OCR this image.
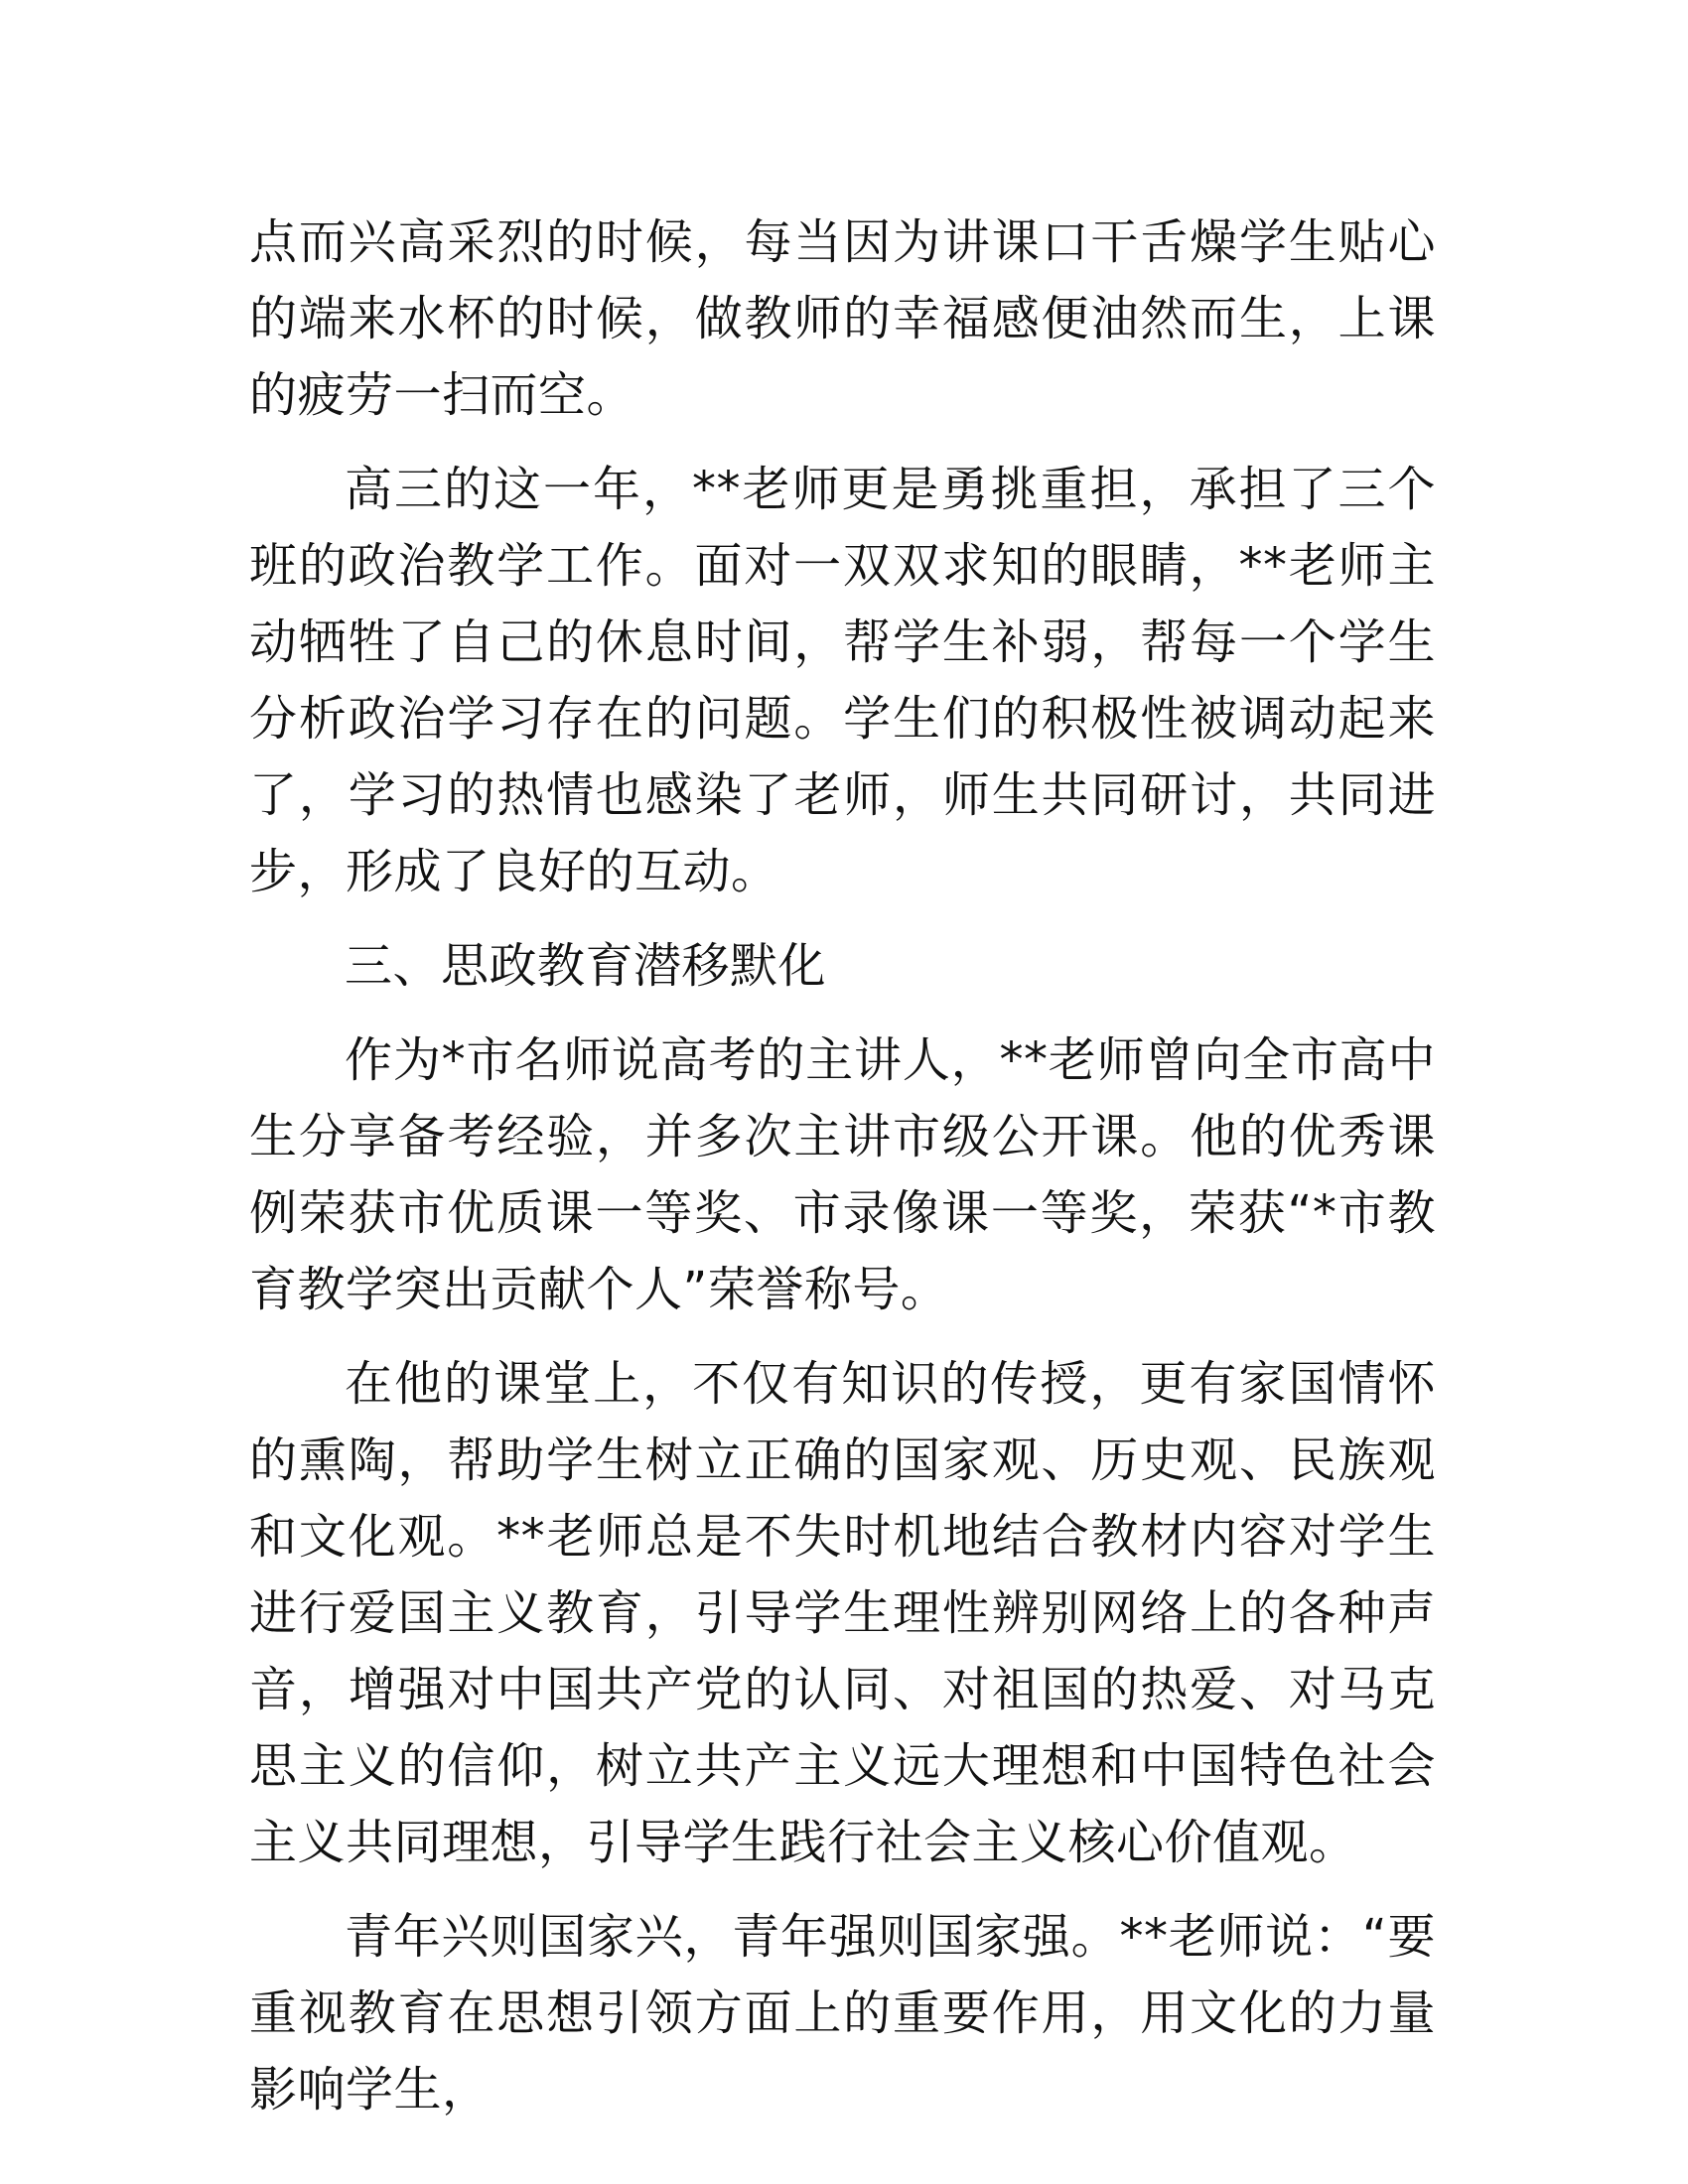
点而兴高采烈的时候，每当因为讲课口干舌燥学生贴心的端来水杯的时候，做教师的幸福感便油然而生，上课的疲劳一扫而空。

高三的这一年，**老师更是勇挑重担，承担了三个班的政治教学工作。面对一双双求知的眼睛，**老师主动牺牲了自己的休息时间，帮学生补弱，帮每一个学生分析政治学习存在的问题。学生们的积极性被调动起来了，学习的热情也感染了老师，师生共同研讨，共同进步，形成了良好的互动。

三、思政教育潜移默化

作为*市名师说高考的主讲人，**老师曾向全市高中生分享备考经验，并多次主讲市级公开课。他的优秀课例荣获市优质课一等奖、市录像课一等奖，荣获“*市教育教学突出贡献个人”荣誉称号。

在他的课堂上，不仅有知识的传授，更有家国情怀的熏陶，帮助学生树立正确的国家观、历史观、民族观和文化观。**老师总是不失时机地结合教材内容对学生进行爱国主义教育，引导学生理性辨别网络上的各种声音，增强对中国共产党的认同、对祖国的热爱、对马克思主义的信仰，树立共产主义远大理想和中国特色社会主义共同理想，引导学生践行社会主义核心价值观。

青年兴则国家兴，青年强则国家强。**老师说：“要重视教育在思想引领方面上的重要作用，用文化的力量影响学生，
